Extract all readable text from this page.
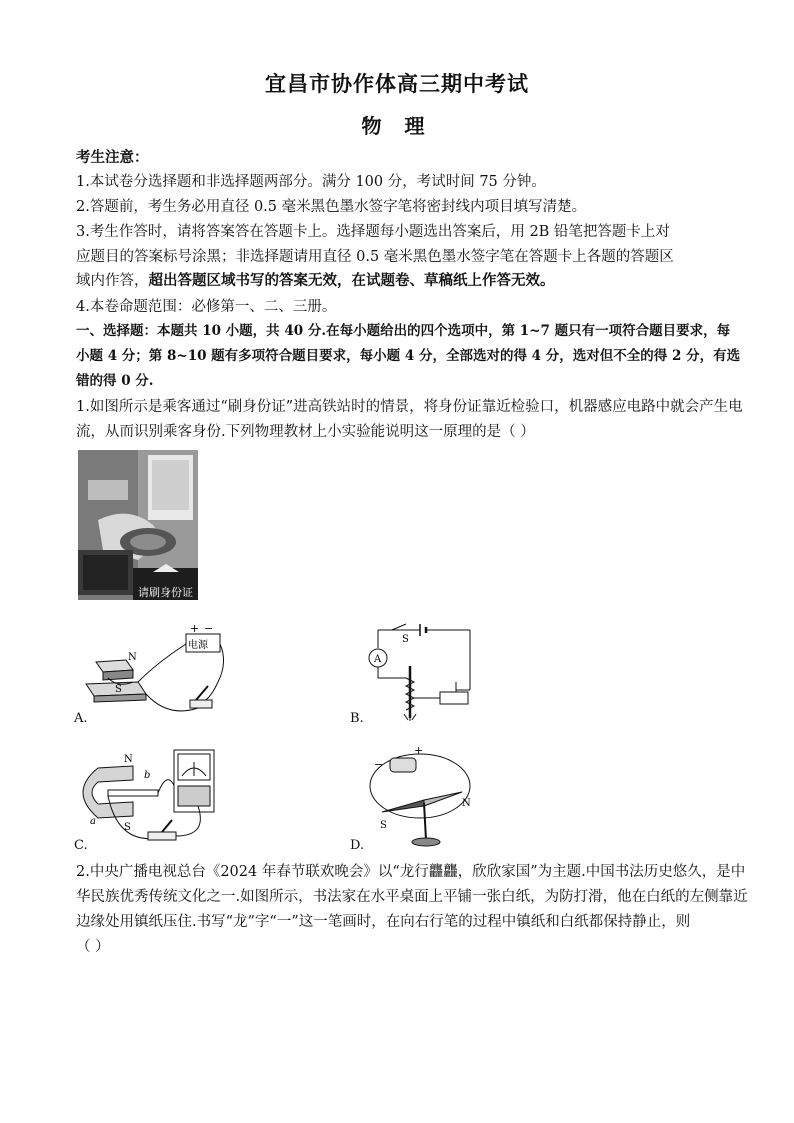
宜昌市协作体高三期中考试
物 理
考生注意：
1.本试卷分选择题和非选择题两部分。满分 100 分，考试时间 75 分钟。
2.答题前，考生务必用直径 0.5 毫米黑色墨水签字笔将密封线内项目填写清楚。
3.考生作答时，请将答案答在答题卡上。选择题每小题选出答案后，用 2B 铅笔把答题卡上对
应题目的答案标号涂黑；非选择题请用直径 0.5 毫米黑色墨水签字笔在答题卡上各题的答题区
域内作答，超出答题区域书写的答案无效，在试题卷、草稿纸上作答无效。
4.本卷命题范围：必修第一、二、三册。
一、选择题：本题共 10 小题，共 40 分.在每小题给出的四个选项中，第 1~7 题只有一项符合题目要求，每
小题 4 分；第 8~10 题有多项符合题目要求，每小题 4 分，全部选对的得 4 分，选对但不全的得 2 分，有选
错的得 0 分.
1.如图所示是乘客通过“刷身份证”进高铁站时的情景，将身份证靠近检验口，机器感应电路中就会产生电
流，从而识别乘客身份.下列物理教材上小实验能说明这一原理的是（ ）
请刷身份证
电源
+ −
N
S
A.
S
A
B.
N
S
a
b
C.
+
−
N
S
D.
2.中央广播电视总台《2024 年春节联欢晚会》以“龙行龘龘，欣欣家国”为主题.中国书法历史悠久，是中
华民族优秀传统文化之一.如图所示，书法家在水平桌面上平铺一张白纸，为防打滑，他在白纸的左侧靠近
边缘处用镇纸压住.书写“龙”字“一”这一笔画时，在向右行笔的过程中镇纸和白纸都保持静止，则
（ ）
